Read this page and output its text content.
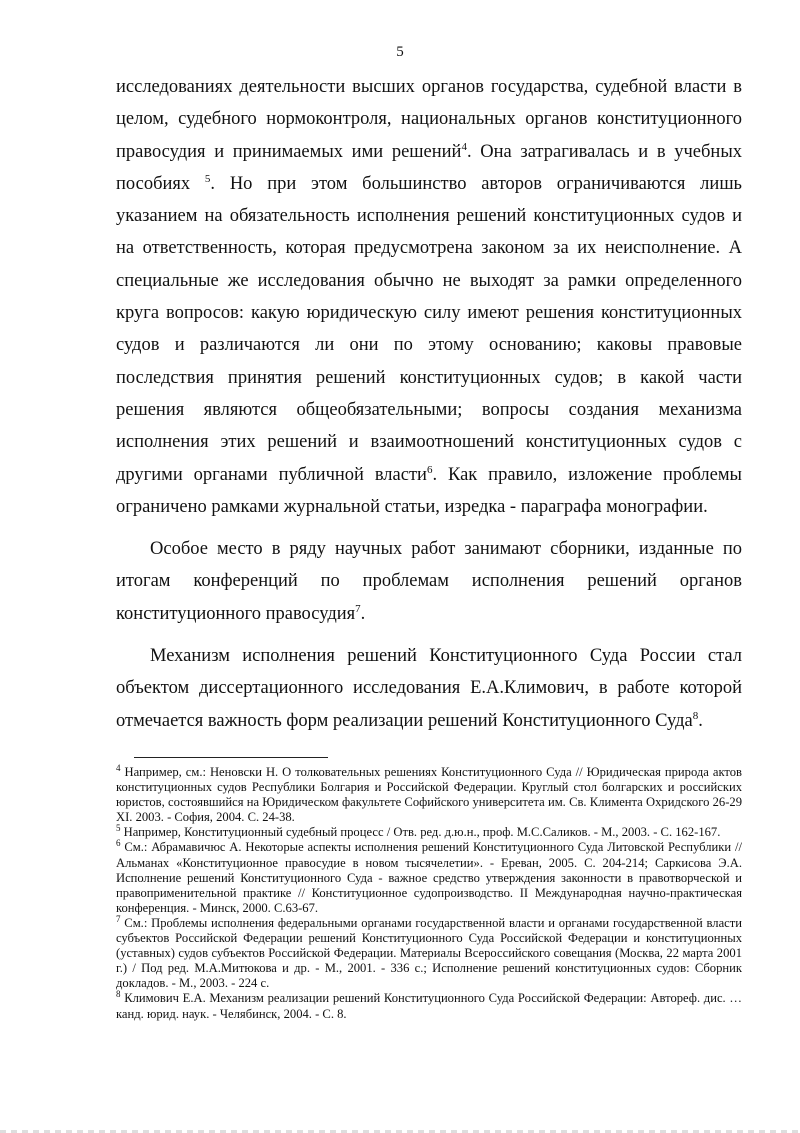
5

исследованиях деятельности высших органов государства, судебной власти в целом, судебного нормоконтроля, национальных органов конституционного правосудия и принимаемых ими решений$^4$. Она затрагивалась и в учебных пособиях $^5$. Но при этом большинство авторов ограничиваются лишь указанием на обязательность исполнения решений конституционных судов и на ответственность, которая предусмотрена законом за их неисполнение. А специальные же исследования обычно не выходят за рамки определенного круга вопросов: какую юридическую силу имеют решения конституционных судов и различаются ли они по этому основанию; каковы правовые последствия принятия решений конституционных судов; в какой части решения являются общеобязательными; вопросы создания механизма исполнения этих решений и взаимоотношений конституционных судов с другими органами публичной власти$^6$. Как правило, изложение проблемы ограничено рамками журнальной статьи, изредка - параграфа монографии.

Особое место в ряду научных работ занимают сборники, изданные по итогам конференций по проблемам исполнения решений органов конституционного правосудия$^7$.

Механизм исполнения решений Конституционного Суда России стал объектом диссертационного исследования Е.А.Климович, в работе которой отмечается важность форм реализации решений Конституционного Суда$^8$.

$^4$ Например, см.: Неновски Н. О толковательных решениях Конституционного Суда // Юридическая природа актов конституционных судов Республики Болгария и Российской Федерации. Круглый стол болгарских и российских юристов, состоявшийся на Юридическом факультете Софийского университета им. Св. Климента Охридского 26-29 XI. 2003. - София, 2004. С. 24-38.

$^5$ Например, Конституционный судебный процесс / Отв. ред. д.ю.н., проф. М.С.Саликов. - М., 2003. - С. 162-167.

$^6$ См.: Абрамавичюс А. Некоторые аспекты исполнения решений Конституционного Суда Литовской Республики // Альманах «Конституционное правосудие в новом тысячелетии». - Ереван, 2005. С. 204-214; Саркисова Э.А. Исполнение решений Конституционного Суда - важное средство утверждения законности в правотворческой и правоприменительной практике // Конституционное судопроизводство. II Международная научно-практическая конференция. - Минск, 2000. С.63-67.

$^7$ См.: Проблемы исполнения федеральными органами государственной власти и органами государственной власти субъектов Российской Федерации решений Конституционного Суда Российской Федерации и конституционных (уставных) судов субъектов Российской Федерации. Материалы Всероссийского совещания (Москва, 22 марта 2001 г.) / Под ред. М.А.Митюкова и др. - М., 2001. - 336 с.; Исполнение решений конституционных судов: Сборник докладов. - М., 2003. - 224 с.

$^8$ Климович Е.А. Механизм реализации решений Конституционного Суда Российской Федерации: Автореф. дис. … канд. юрид. наук. - Челябинск, 2004. - С. 8.
